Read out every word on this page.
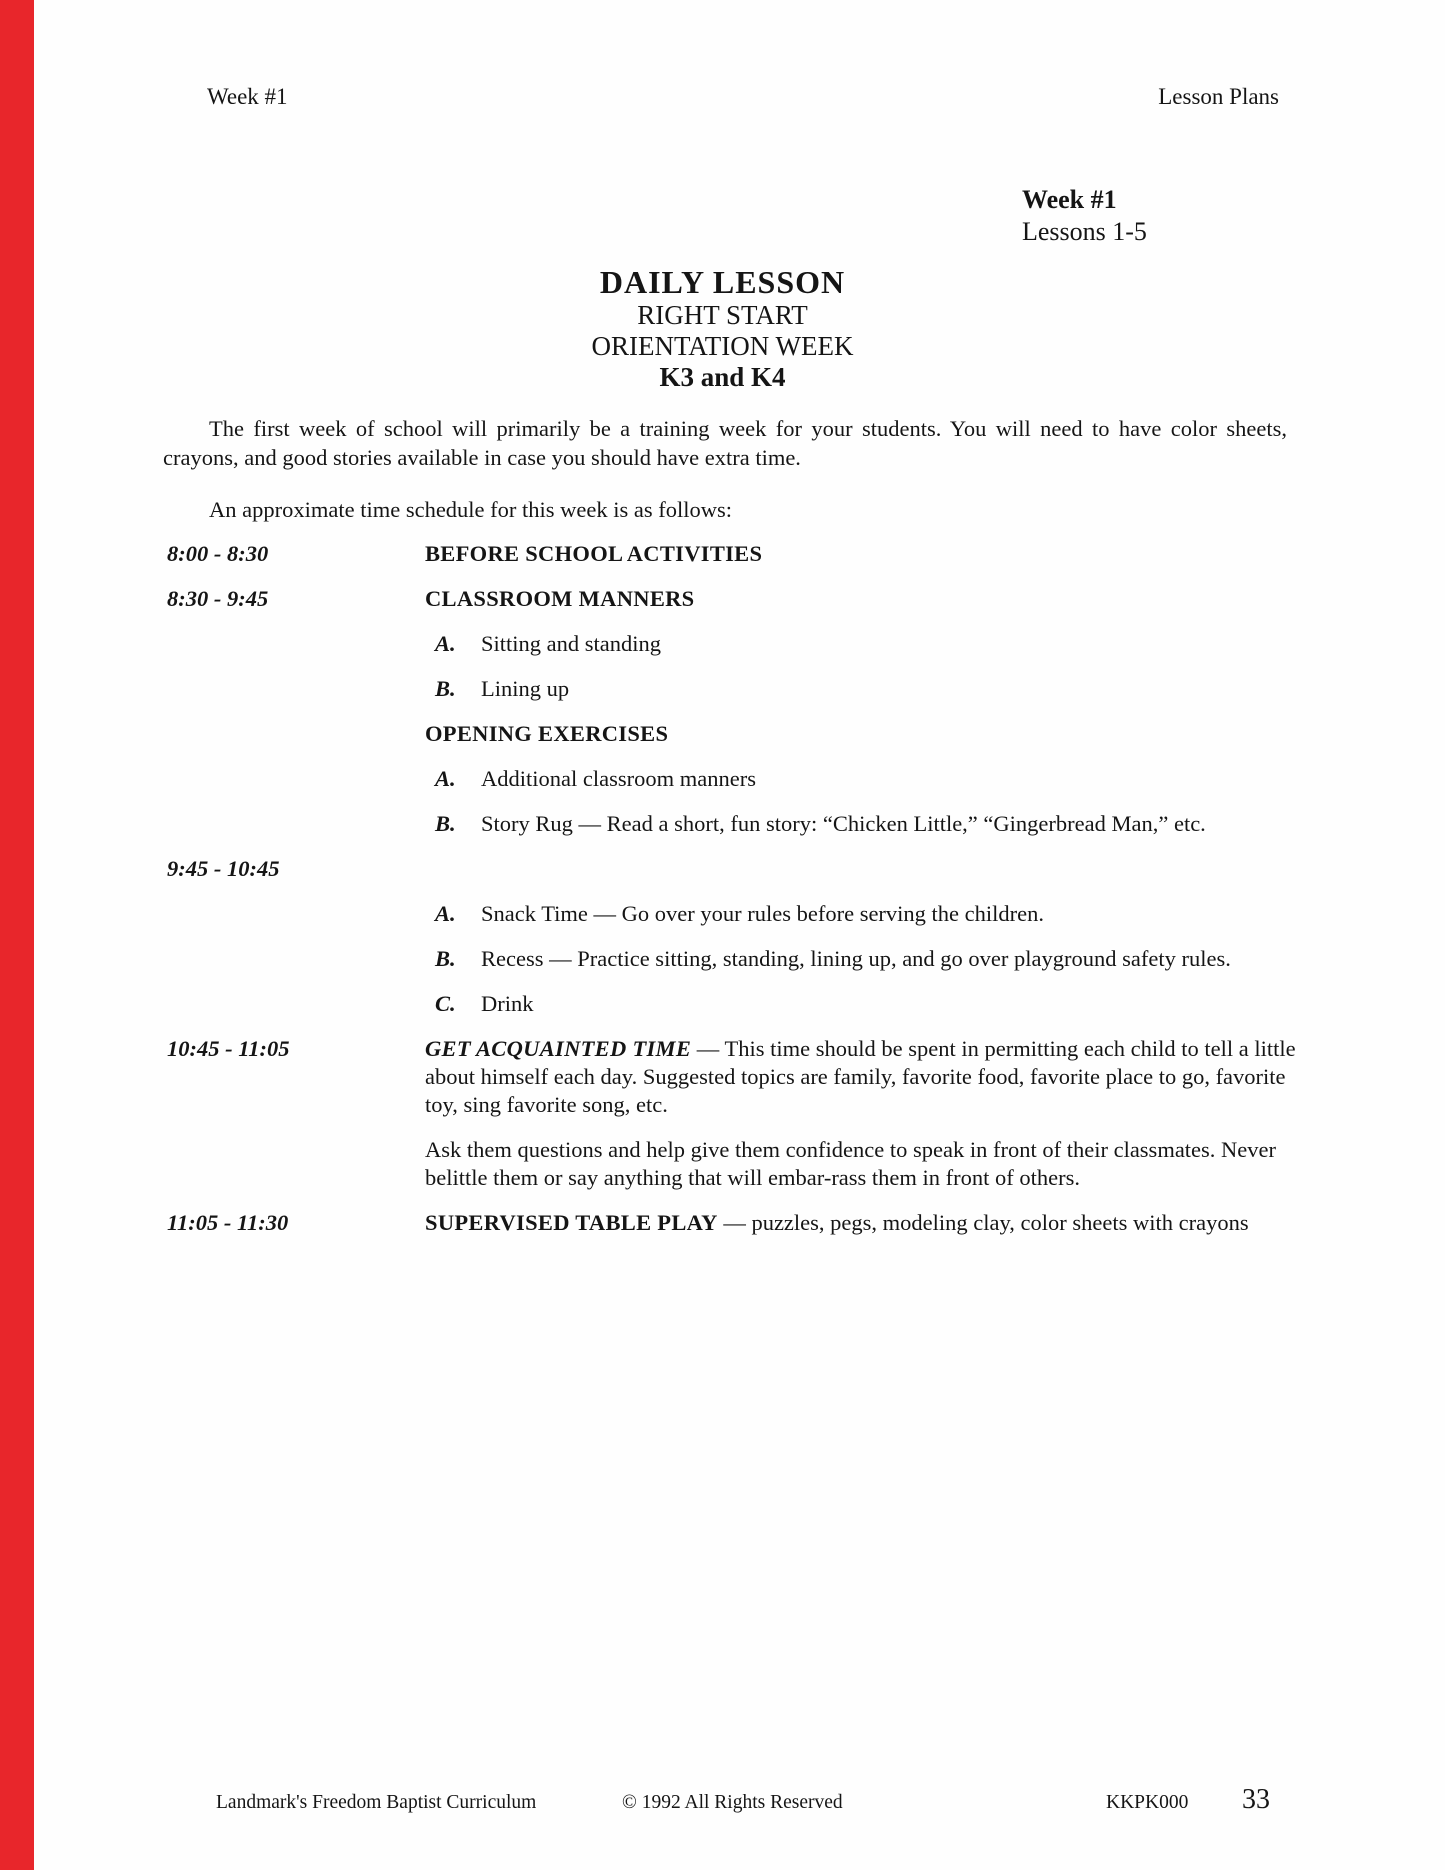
Week #1	Lesson Plans
Week #1
Lessons 1-5
DAILY LESSON
RIGHT START
ORIENTATION WEEK
K3 and K4

The first week of school will primarily be a training week for your students. You will need to have color sheets, crayons, and good stories available in case you should have extra time.

An approximate time schedule for this week is as follows:

8:00 - 8:30	BEFORE SCHOOL ACTIVITIES
8:30 - 9:45	CLASSROOM MANNERS
A.	Sitting and standing
B.	Lining up
OPENING EXERCISES
A.	Additional classroom manners
B.	Story Rug — Read a short, fun story: “Chicken Little,” “Gingerbread Man,” etc.
9:45 - 10:45
A.	Snack Time — Go over your rules before serving the children.
B.	Recess — Practice sitting, standing, lining up, and go over playground safety rules.
C.	Drink
10:45 - 11:05	GET ACQUAINTED TIME — This time should be spent in permitting each child to tell a little about himself each day. Suggested topics are family, favorite food, favorite place to go, favorite toy, sing favorite song, etc.
Ask them questions and help give them confidence to speak in front of their classmates. Never belittle them or say anything that will embar-rass them in front of others.
11:05 - 11:30	SUPERVISED TABLE PLAY — puzzles, pegs, modeling clay, color sheets with crayons
Landmark's Freedom Baptist Curriculum	© 1992 All Rights Reserved	KKPK000 33
